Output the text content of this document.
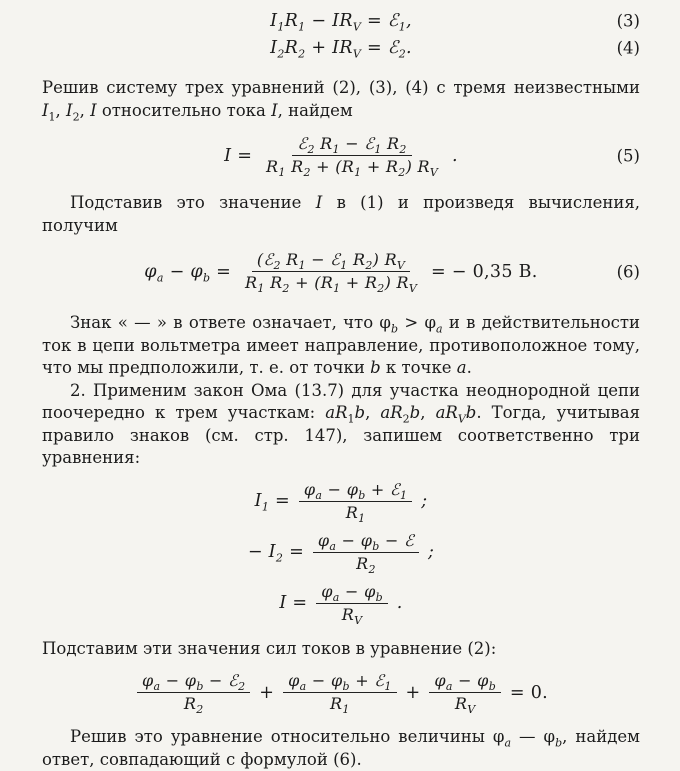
$I_1R_1 - IR_V$ = ℰ$_1$,	(3)
$I_2R_2 + IR_V$ = ℰ$_2$.	(4)

Решив систему трех уравнений (2), (3), (4) с тремя неизвестными $I_1$, $I_2$, I относительно тока I, найдем

$I = \frac{ℰ_2 R_1 - ℰ_1 R_2}{R_1 R_2 + (R_1 + R_2) R_V}$ .	(5)

Подставив это значение I в (1) и произведя вычисления, получим

$\varphi_a - \varphi_b = \frac{(ℰ_2 R_1 - ℰ_1 R_2) R_V}{R_1 R_2 + (R_1 + R_2) R_V}$ = − 0,35 В.	(6)

Знак « — » в ответе означает, что $\varphi_b > \varphi_a$ и в действительности ток в цепи вольтметра имеет направление, противоположное тому, что мы предположили, т. е. от точки b к точке a.

2. Применим закон Ома (13.7) для участка неоднородной цепи поочередно к трем участкам: $aR_1b$, $aR_2b$, $aR_Vb$. Тогда, учитывая правило знаков (см. стр. 147), запишем соответственно три уравнения:

$I_1 = \frac{\varphi_a - \varphi_b + ℰ_1}{R_1}$ ;
− $I_2 = \frac{\varphi_a - \varphi_b - ℰ}{R_2}$ ;
$I = \frac{\varphi_a - \varphi_b}{R_V}$ .

Подставим эти значения сил токов в уравнение (2):

$\frac{\varphi_a - \varphi_b - ℰ_2}{R_2} + \frac{\varphi_a - \varphi_b + ℰ_1}{R_1} + \frac{\varphi_a - \varphi_b}{R_V} = 0$.

Решив это уравнение относительно величины $\varphi_a$ — $\varphi_b$, найдем ответ, совпадающий с формулой (6).
